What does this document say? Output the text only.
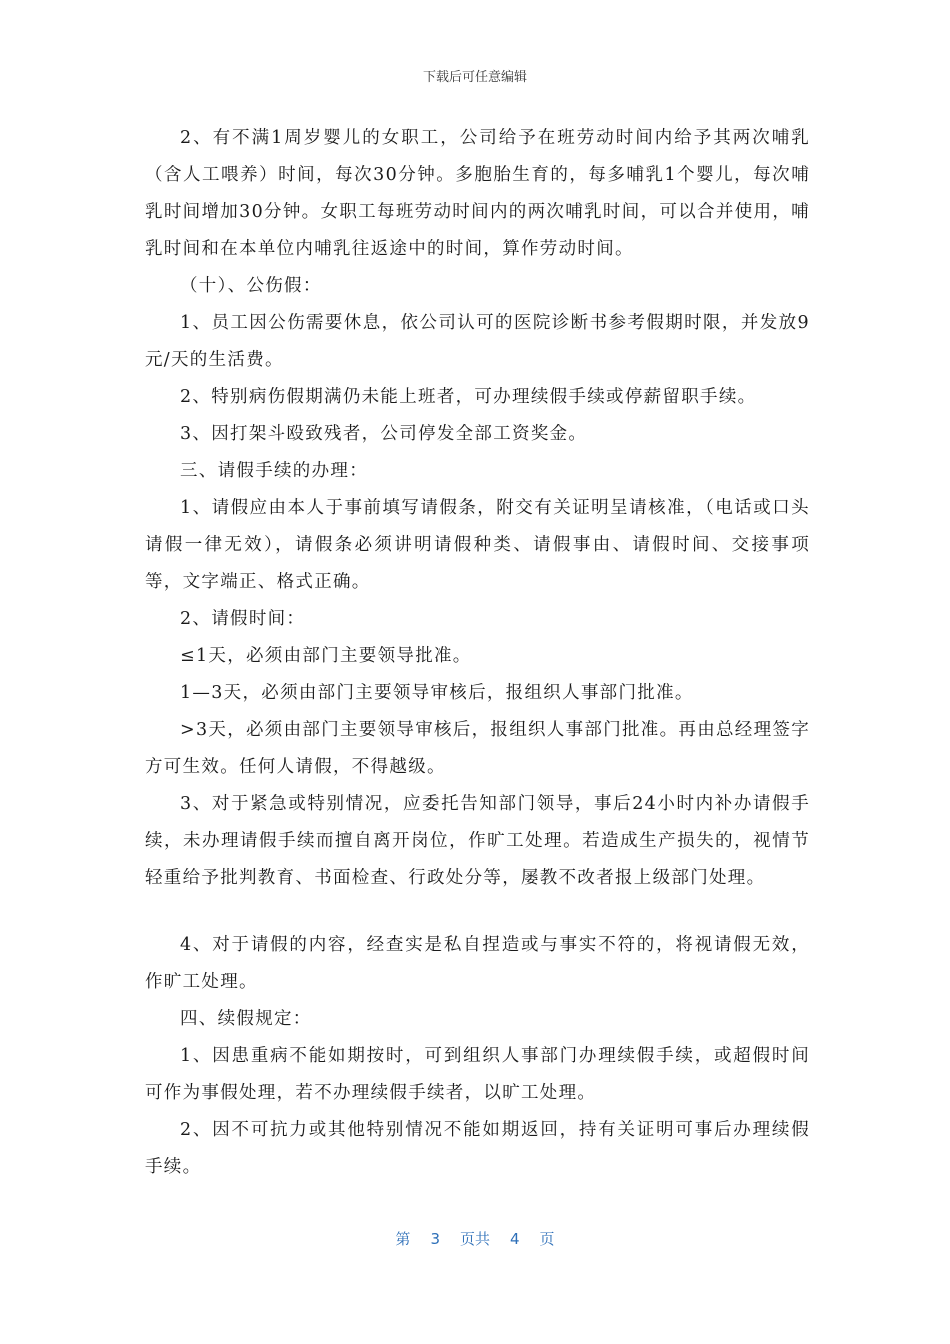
下载后可任意编辑

2、有不满1周岁婴儿的女职工，公司给予在班劳动时间内给予其两次哺乳（含人工喂养）时间，每次30分钟。多胞胎生育的，每多哺乳1个婴儿，每次哺乳时间增加30分钟。女职工每班劳动时间内的两次哺乳时间，可以合并使用，哺乳时间和在本单位内哺乳往返途中的时间，算作劳动时间。

（十）、公伤假：

1、员工因公伤需要休息，依公司认可的医院诊断书参考假期时限，并发放9元/天的生活费。

2、特别病伤假期满仍未能上班者，可办理续假手续或停薪留职手续。

3、因打架斗殴致残者，公司停发全部工资奖金。

三、请假手续的办理：

1、请假应由本人于事前填写请假条，附交有关证明呈请核准，（电话或口头请假一律无效），请假条必须讲明请假种类、请假事由、请假时间、交接事项等，文字端正、格式正确。

2、请假时间：

≤1天，必须由部门主要领导批准。

1—3天，必须由部门主要领导审核后，报组织人事部门批准。

>3天，必须由部门主要领导审核后，报组织人事部门批准。再由总经理签字方可生效。任何人请假，不得越级。

3、对于紧急或特别情况，应委托告知部门领导，事后24小时内补办请假手续，未办理请假手续而擅自离开岗位，作旷工处理。若造成生产损失的，视情节轻重给予批判教育、书面检查、行政处分等，屡教不改者报上级部门处理。

4、对于请假的内容，经查实是私自捏造或与事实不符的，将视请假无效，作旷工处理。

四、续假规定：

1、因患重病不能如期按时，可到组织人事部门办理续假手续，或超假时间可作为事假处理，若不办理续假手续者，以旷工处理。

2、因不可抗力或其他特别情况不能如期返回，持有关证明可事后办理续假手续。

第 3 页共 4 页
